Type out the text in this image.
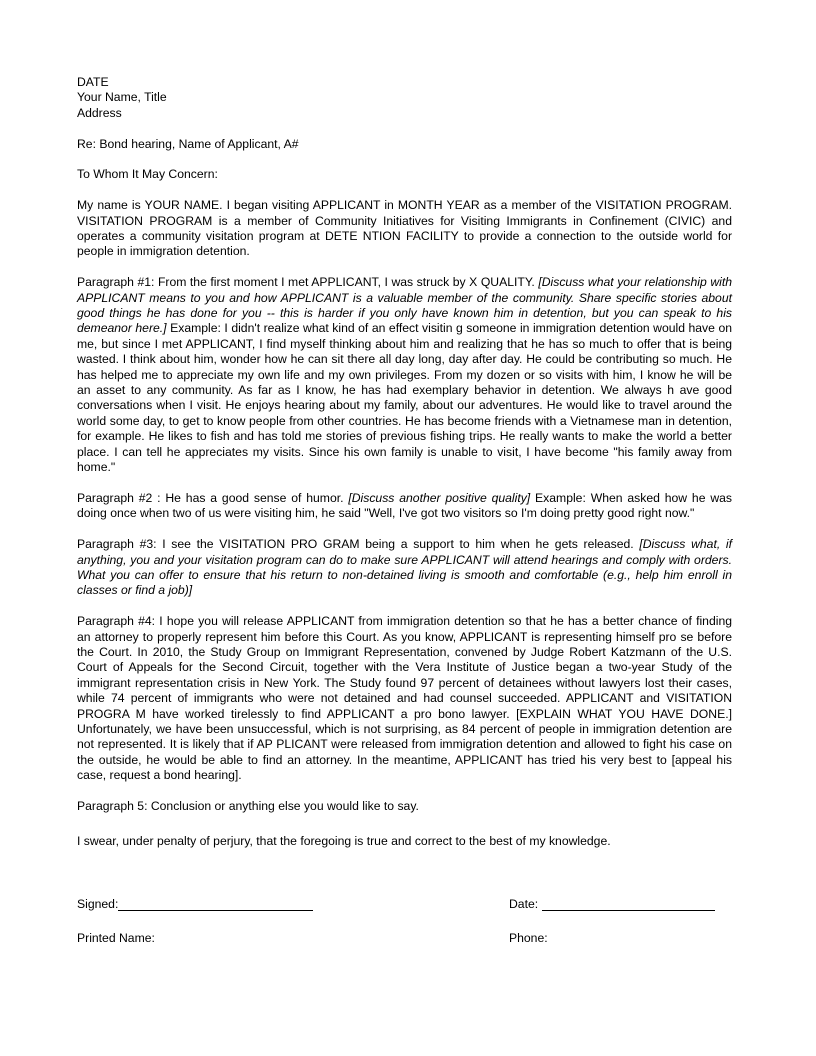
DATE
Your Name, Title
Address
Re: Bond hearing, Name of Applicant, A#
To Whom It May Concern:
My name is YOUR NAME. I began visiting APPLICANT in MONTH YEAR as a member of the VISITATION PROGRAM. VISITATION PROGRAM is a member of Community Initiatives for Visiting Immigrants in Confinement (CIVIC) and operates a community visitation program at DETE NTION FACILITY to provide a connection to the outside world for people in immigration detention.
Paragraph #1: From the first moment I met APPLICANT, I was struck by X QUALITY. [Discuss what your relationship with APPLICANT means to you and how APPLICANT is a valuable member of the community. Share specific stories about good things he has done for you -- this is harder if you only have known him in detention, but you can speak to his demeanor here.] Example: I didn't realize what kind of an effect visitin g someone in immigration detention would have on me, but since I met APPLICANT, I find myself thinking about him and realizing that he has so much to offer that is being wasted. I think about him, wonder how he can sit there all day long, day after day. He could be contributing so much. He has helped me to appreciate my own life and my own privileges. From my dozen or so visits with him, I know he will be an asset to any community. As far as I know, he has had exemplary behavior in detention. We always h ave good conversations when I visit. He enjoys hearing about my family, about our adventures. He would like to travel around the world some day, to get to know people from other countries. He has become friends with a Vietnamese man in detention, for example. He likes to fish and has told me stories of previous fishing trips. He really wants to make the world a better place. I can tell he appreciates my visits. Since his own family is unable to visit, I have become "his family away from home."
Paragraph #2 : He has a good sense of humor. [Discuss another positive quality] Example: When asked how he was doing once when two of us were visiting him, he said "Well, I've got two visitors so I'm doing pretty good right now."
Paragraph #3: I see the VISITATION PRO GRAM being a support to him when he gets released. [Discuss what, if anything, you and your visitation program can do to make sure APPLICANT will attend hearings and comply with orders. What you can offer to ensure that his return to non-detained living is smooth and comfortable (e.g., help him enroll in classes or find a job)]
Paragraph #4: I hope you will release APPLICANT from immigration detention so that he has a better chance of finding an attorney to properly represent him before this Court. As you know, APPLICANT is representing himself pro se before the Court. In 2010, the Study Group on Immigrant Representation, convened by Judge Robert Katzmann of the U.S. Court of Appeals for the Second Circuit, together with the Vera Institute of Justice began a two-year Study of the immigrant representation crisis in New York. The Study found 97 percent of detainees without lawyers lost their cases, while 74 percent of immigrants who were not detained and had counsel succeeded. APPLICANT and VISITATION PROGRA M have worked tirelessly to find APPLICANT a pro bono lawyer. [EXPLAIN WHAT YOU HAVE DONE.] Unfortunately, we have been unsuccessful, which is not surprising, as 84 percent of people in immigration detention are not represented. It is likely that if AP PLICANT were released from immigration detention and allowed to fight his case on the outside, he would be able to find an attorney. In the meantime, APPLICANT has tried his very best to [appeal his case, request a bond hearing].
Paragraph 5: Conclusion or anything else you would like to say.
I swear, under penalty of perjury, that the foregoing is true and correct to the best of my knowledge.
Signed:	Date:
Printed Name:	Phone:
